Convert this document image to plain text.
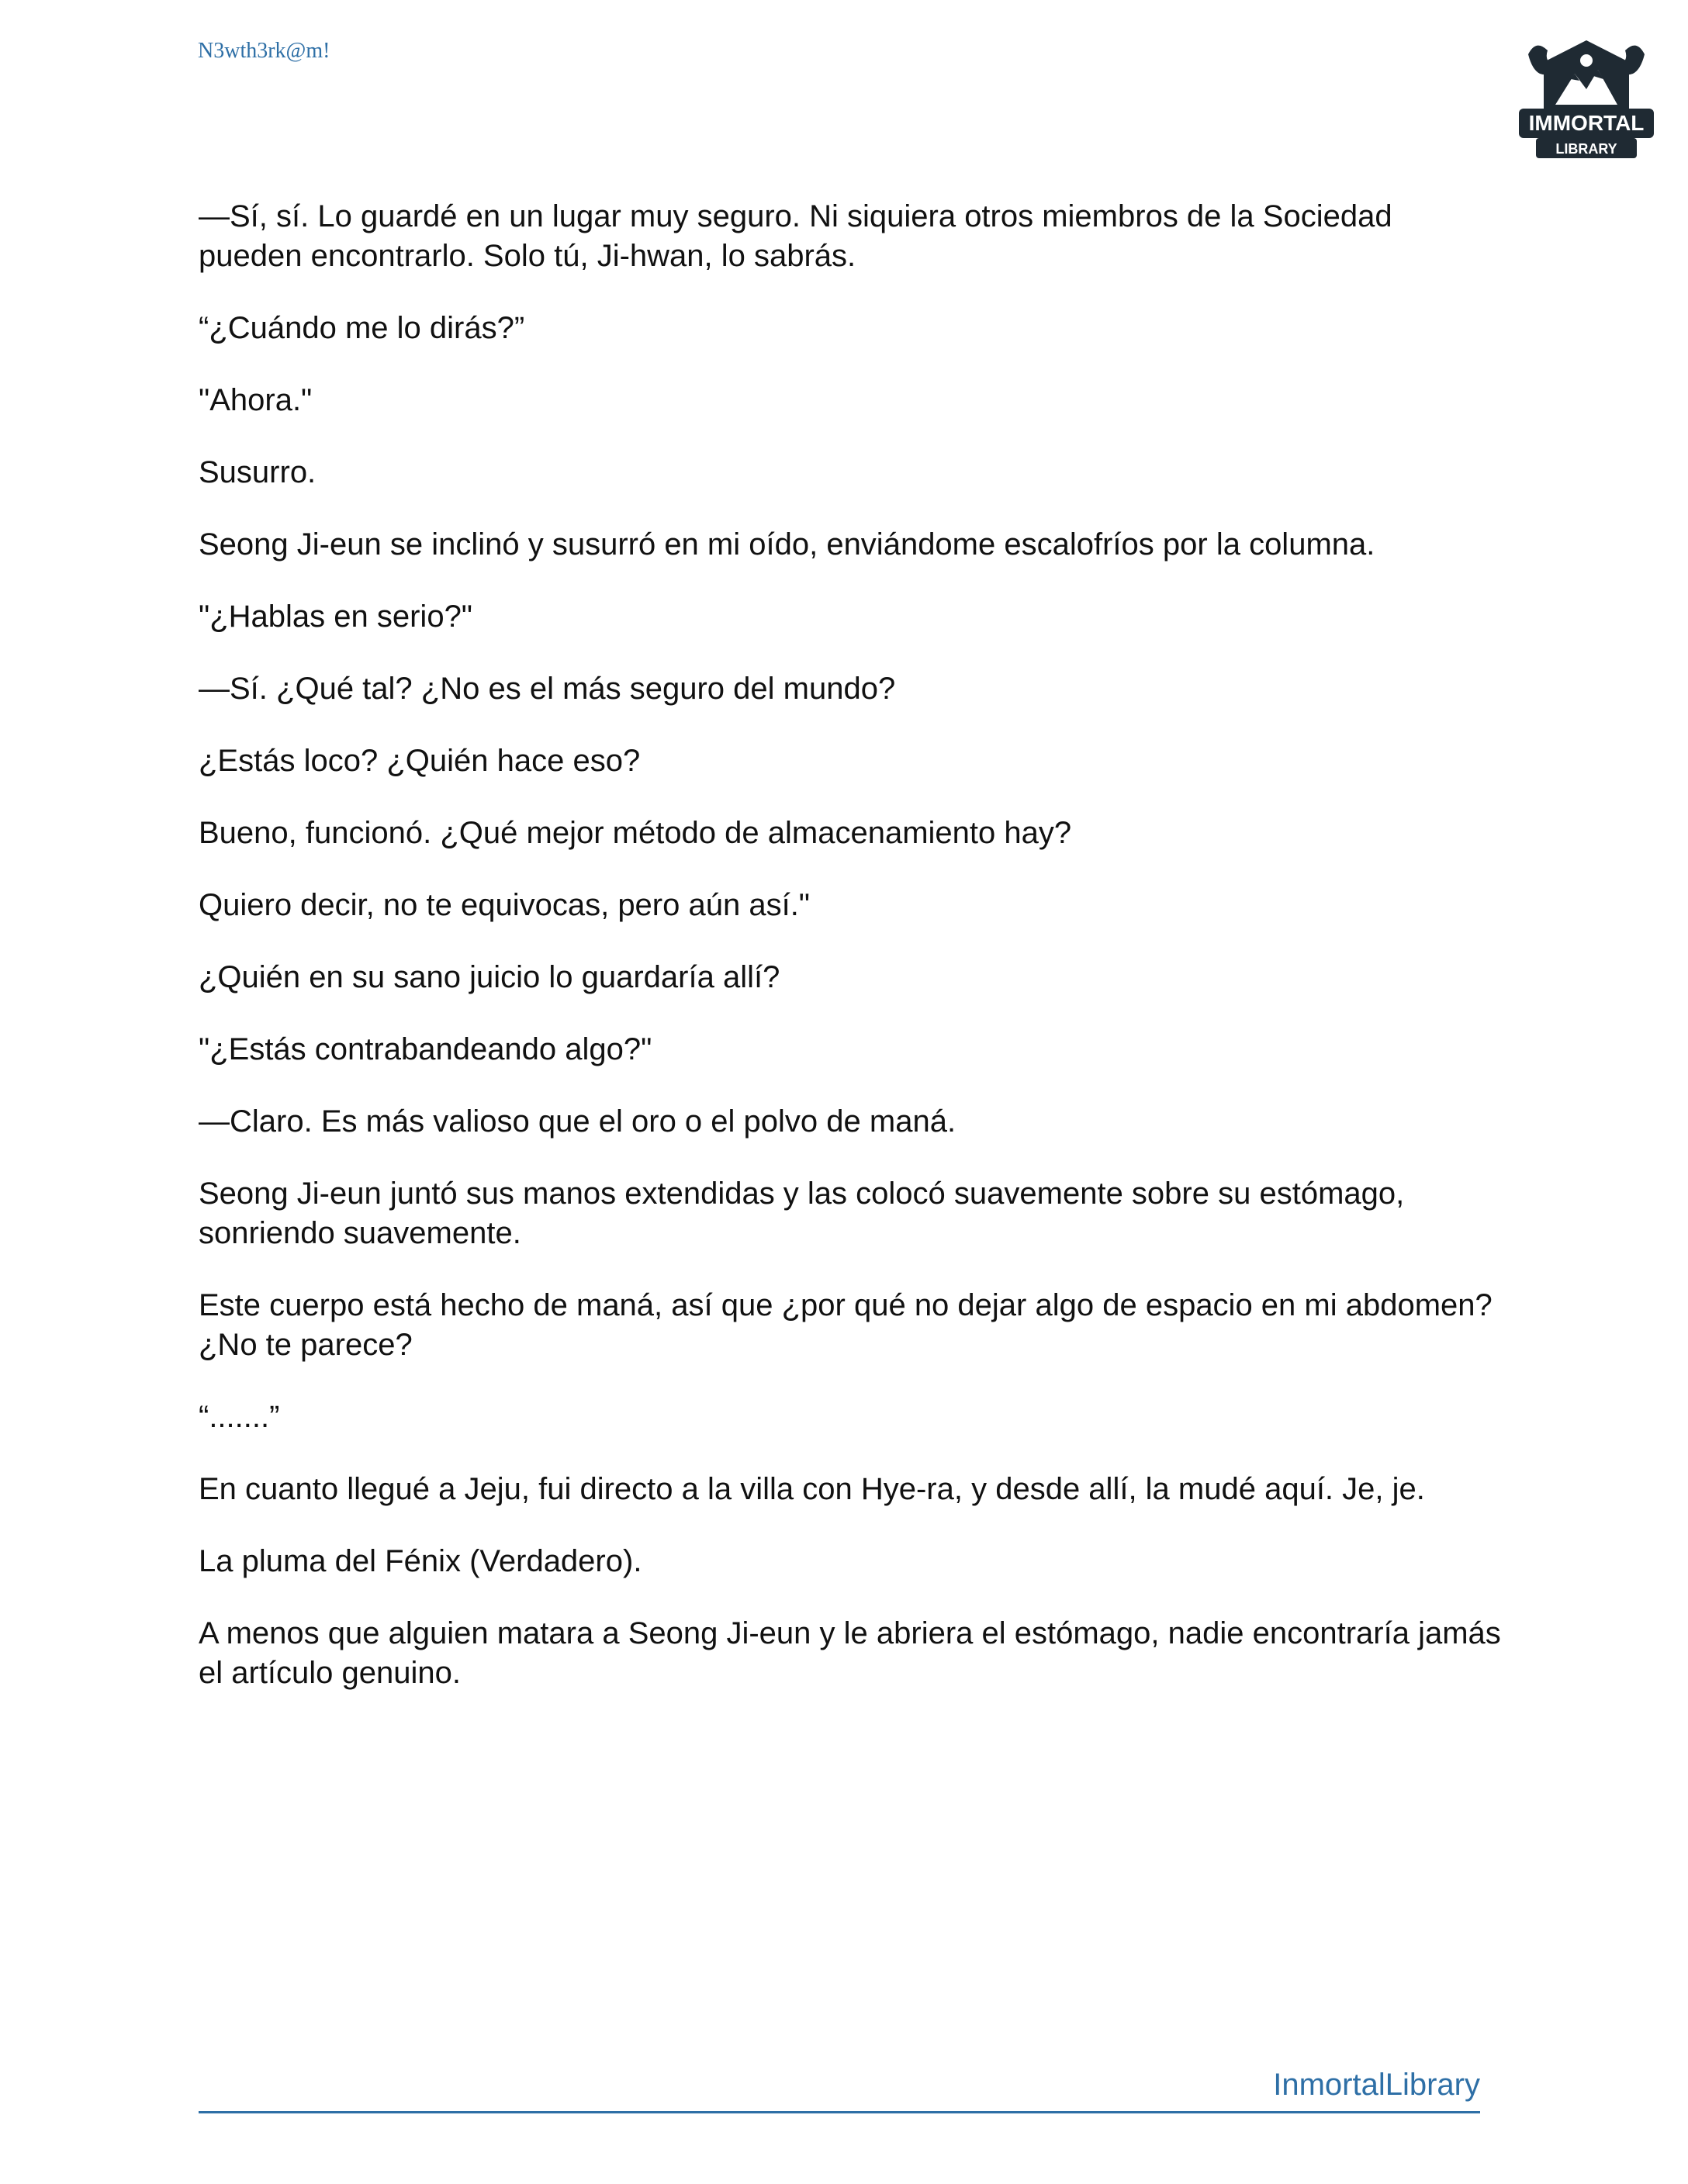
N3wth3rk@m!
IMMORTAL
LIBRARY

—Sí, sí. Lo guardé en un lugar muy seguro. Ni siquiera otros miembros de la Sociedad pueden encontrarlo. Solo tú, Ji-hwan, lo sabrás.

“¿Cuándo me lo dirás?”

"Ahora."

Susurro.

Seong Ji-eun se inclinó y susurró en mi oído, enviándome escalofríos por la columna.

"¿Hablas en serio?"

—Sí. ¿Qué tal? ¿No es el más seguro del mundo?

¿Estás loco? ¿Quién hace eso?

Bueno, funcionó. ¿Qué mejor método de almacenamiento hay?

Quiero decir, no te equivocas, pero aún así."

¿Quién en su sano juicio lo guardaría allí?

"¿Estás contrabandeando algo?"

—Claro. Es más valioso que el oro o el polvo de maná.

Seong Ji-eun juntó sus manos extendidas y las colocó suavemente sobre su estómago, sonriendo suavemente.

Este cuerpo está hecho de maná, así que ¿por qué no dejar algo de espacio en mi abdomen? ¿No te parece?

“.......”

En cuanto llegué a Jeju, fui directo a la villa con Hye-ra, y desde allí, la mudé aquí. Je, je.

La pluma del Fénix (Verdadero).

A menos que alguien matara a Seong Ji-eun y le abriera el estómago, nadie encontraría jamás el artículo genuino.

InmortalLibrary
